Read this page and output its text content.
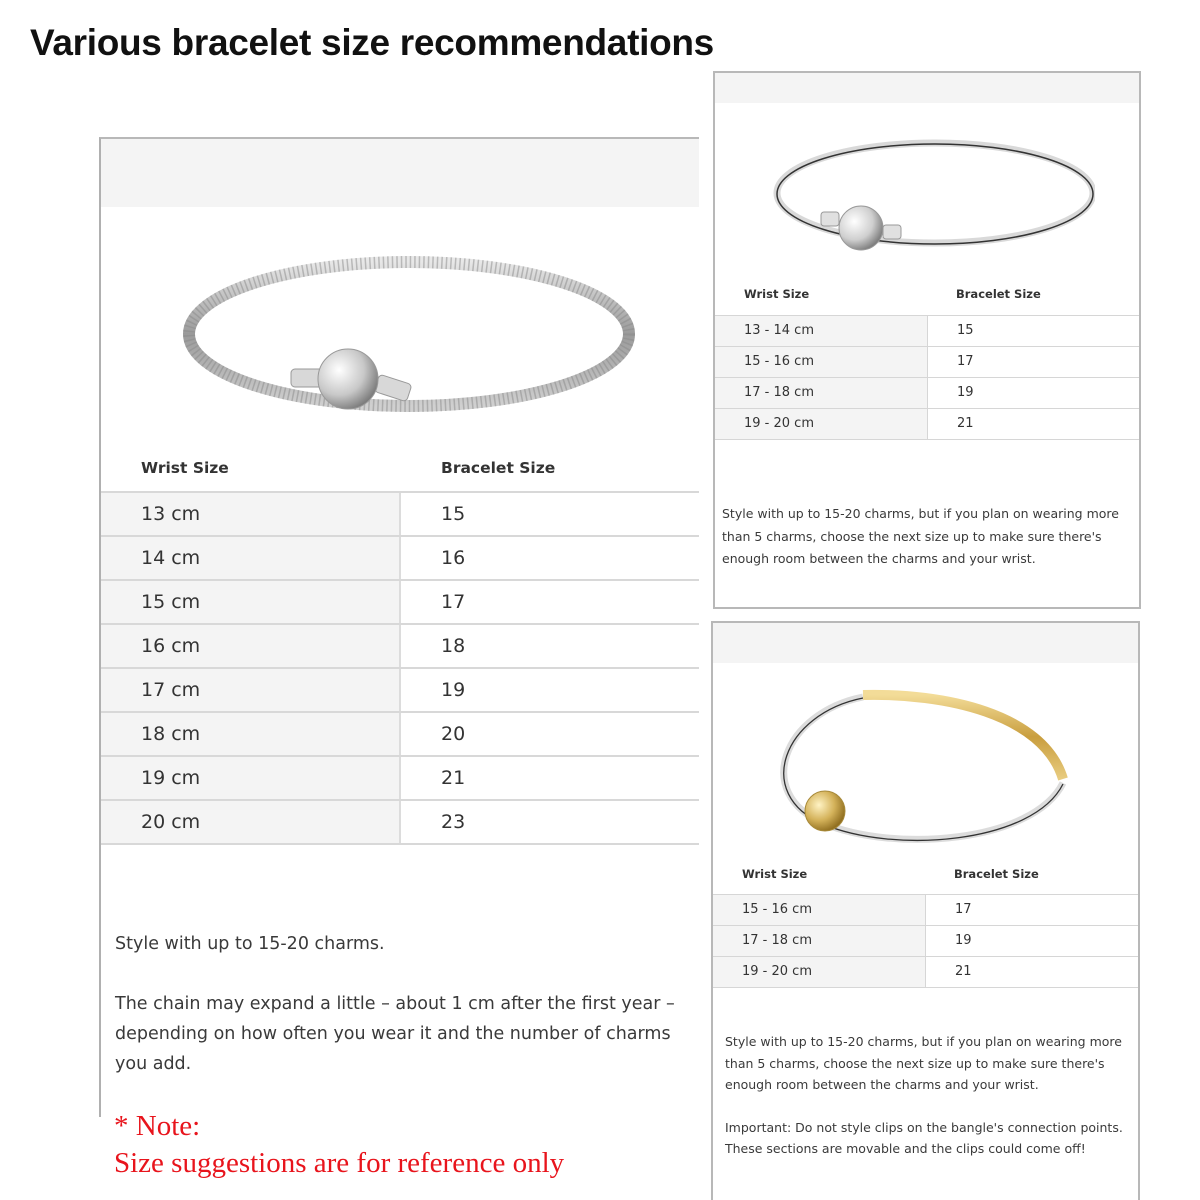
Various bracelet size recommendations
Wrist Size	Bracelet Size
13 cm	15
14 cm	16
15 cm	17
16 cm	18
17 cm	19
18 cm	20
19 cm	21
20 cm	23

Style with up to 15-20 charms.

The chain may expand a little – about 1 cm after the first year – depending on how often you wear it and the number of charms you add.

* Note:
Size suggestions are for reference only
Wrist Size	Bracelet Size
13 - 14 cm	15
15 - 16 cm	17
17 - 18 cm	19
19 - 20 cm	21

Style with up to 15-20 charms, but if you plan on wearing more than 5 charms, choose the next size up to make sure there's enough room between the charms and your wrist.

Wrist Size	Bracelet Size
15 - 16 cm	17
17 - 18 cm	19
19 - 20 cm	21

Style with up to 15-20 charms, but if you plan on wearing more than 5 charms, choose the next size up to make sure there's enough room between the charms and your wrist.

Important: Do not style clips on the bangle's connection points. These sections are movable and the clips could come off!
